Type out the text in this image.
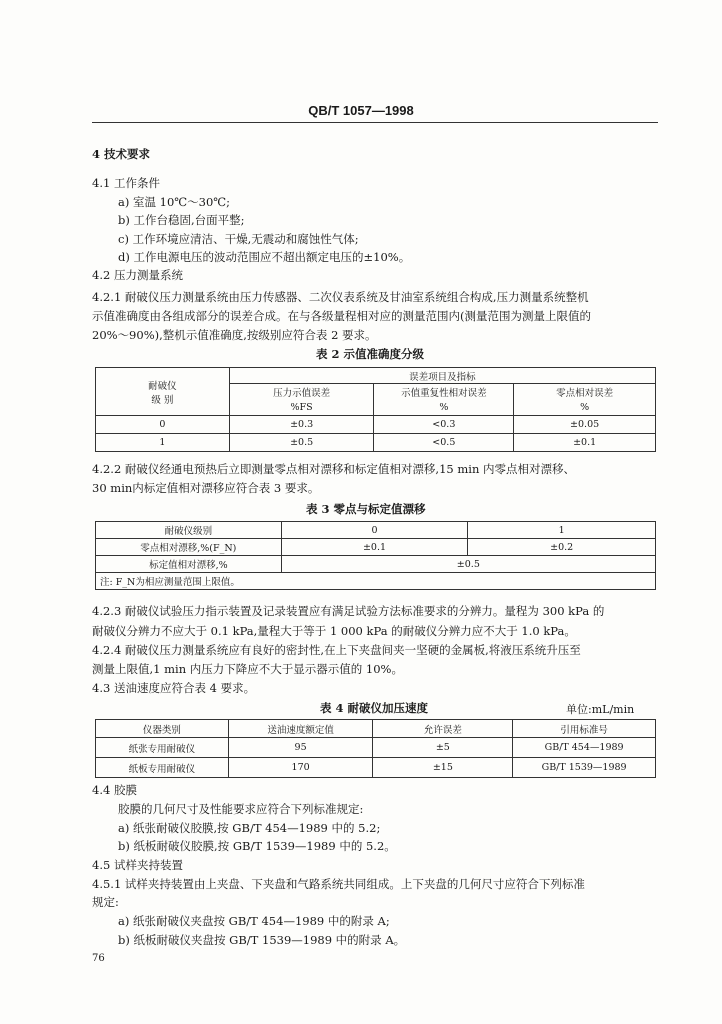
QB/T 1057—1998
4 技术要求
4.1 工作条件
a) 室温 10℃～30℃;
b) 工作台稳固,台面平整;
c) 工作环境应清洁、干燥,无震动和腐蚀性气体;
d) 工作电源电压的波动范围应不超出额定电压的±10%。
4.2 压力测量系统
4.2.1 耐破仪压力测量系统由压力传感器、二次仪表系统及甘油室系统组合构成,压力测量系统整机
示值准确度由各组成部分的误差合成。在与各级量程相对应的测量范围内(测量范围为测量上限值的
20%～90%),整机示值准确度,按级别应符合表 2 要求。
表 2 示值准确度分级
耐破仪
级 别	误差项目及指标		
	压力示值误差	示值重复性相对误差	零点相对误差
	%FS	%	%
0	±0.3	<0.3	±0.05
1	±0.5	<0.5	±0.1
4.2.2 耐破仪经通电预热后立即测量零点相对漂移和标定值相对漂移,15 min 内零点相对漂移、
30 min内标定值相对漂移应符合表 3 要求。
表 3 零点与标定值漂移
耐破仪级别	0	1
零点相对漂移,%(F_N)	±0.1	±0.2
标定值相对漂移,%	±0.5	
注: F_N为相应测量范围上限值。		
4.2.3 耐破仪试验压力指示装置及记录装置应有满足试验方法标准要求的分辨力。量程为 300 kPa 的
耐破仪分辨力不应大于 0.1 kPa,量程大于等于 1 000 kPa 的耐破仪分辨力应不大于 1.0 kPa。
4.2.4 耐破仪压力测量系统应有良好的密封性,在上下夹盘间夹一坚硬的金属板,将液压系统升压至
测量上限值,1 min 内压力下降应不大于显示器示值的 10%。
4.3 送油速度应符合表 4 要求。
表 4 耐破仪加压速度	单位:mL/min
仪器类别	送油速度额定值	允许误差	引用标准号
纸张专用耐破仪	95	±5	GB/T 454—1989
纸板专用耐破仪	170	±15	GB/T 1539—1989
4.4 胶膜
胶膜的几何尺寸及性能要求应符合下列标准规定:
a) 纸张耐破仪胶膜,按 GB/T 454—1989 中的 5.2;
b) 纸板耐破仪胶膜,按 GB/T 1539—1989 中的 5.2。
4.5 试样夹持装置
4.5.1 试样夹持装置由上夹盘、下夹盘和气路系统共同组成。上下夹盘的几何尺寸应符合下列标准
规定:
a) 纸张耐破仪夹盘按 GB/T 454—1989 中的附录 A;
b) 纸板耐破仪夹盘按 GB/T 1539—1989 中的附录 A。
76
